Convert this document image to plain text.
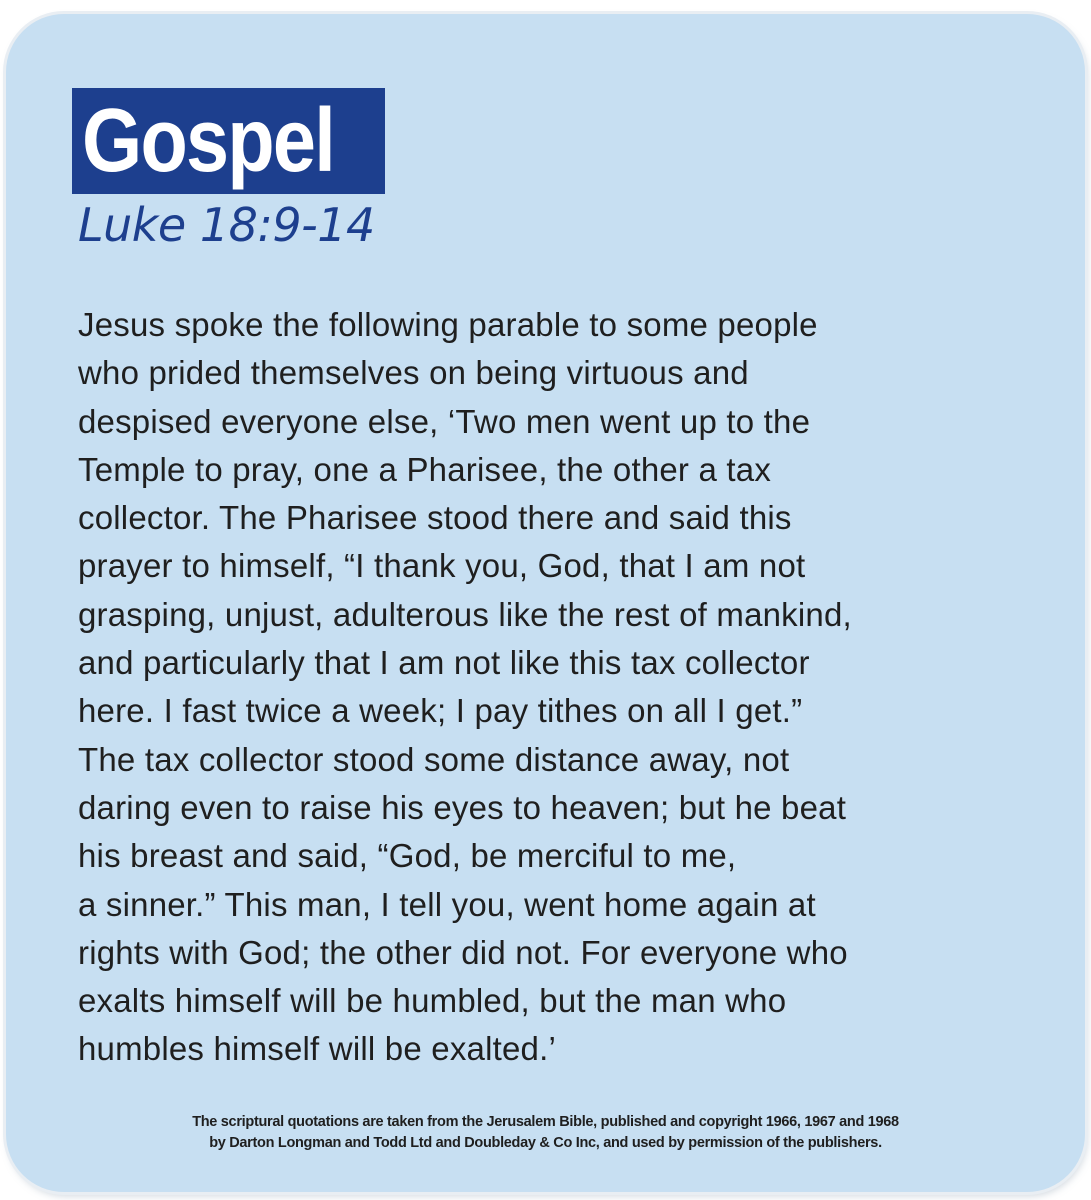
Gospel
Luke 18:9-14
Jesus spoke the following parable to some people
who prided themselves on being virtuous and
despised everyone else, ‘Two men went up to the
Temple to pray, one a Pharisee, the other a tax
collector. The Pharisee stood there and said this
prayer to himself, “I thank you, God, that I am not
grasping, unjust, adulterous like the rest of mankind,
and particularly that I am not like this tax collector
here. I fast twice a week; I pay tithes on all I get.”
The tax collector stood some distance away, not
daring even to raise his eyes to heaven; but he beat
his breast and said, “God, be merciful to me,
a sinner.” This man, I tell you, went home again at
rights with God; the other did not. For everyone who
exalts himself will be humbled, but the man who
humbles himself will be exalted.’
The scriptural quotations are taken from the Jerusalem Bible, published and copyright 1966, 1967 and 1968
by Darton Longman and Todd Ltd and Doubleday & Co Inc, and used by permission of the publishers.
